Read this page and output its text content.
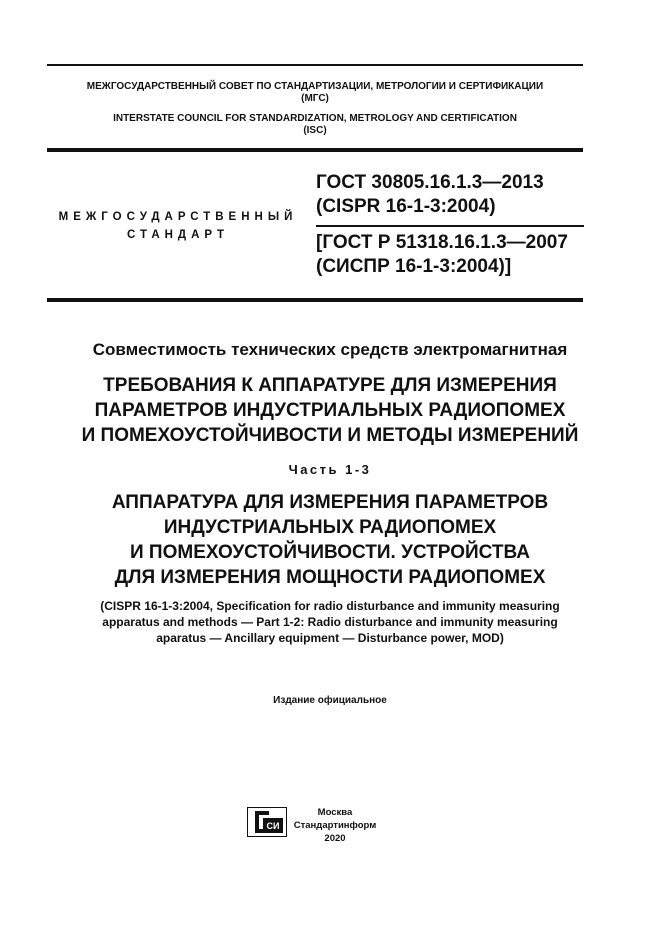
МЕЖГОСУДАРСТВЕННЫЙ СОВЕТ ПО СТАНДАРТИЗАЦИИ, МЕТРОЛОГИИ И СЕРТИФИКАЦИИ
(МГС)
INTERSTATE COUNCIL FOR STANDARDIZATION, METROLOGY AND CERTIFICATION
(ISC)
МЕЖГОСУДАРСТВЕННЫЙ
СТАНДАРТ
ГОСТ 30805.16.1.3—2013
(CISPR 16-1-3:2004)
[ГОСТ Р 51318.16.1.3—2007
(СИСПР 16-1-3:2004)]
Совместимость технических средств электромагнитная
ТРЕБОВАНИЯ К АППАРАТУРЕ ДЛЯ ИЗМЕРЕНИЯ
ПАРАМЕТРОВ ИНДУСТРИАЛЬНЫХ РАДИОПОМЕХ
И ПОМЕХОУСТОЙЧИВОСТИ И МЕТОДЫ ИЗМЕРЕНИЙ
Часть 1-3
АППАРАТУРА ДЛЯ ИЗМЕРЕНИЯ ПАРАМЕТРОВ
ИНДУСТРИАЛЬНЫХ РАДИОПОМЕХ
И ПОМЕХОУСТОЙЧИВОСТИ. УСТРОЙСТВА
ДЛЯ ИЗМЕРЕНИЯ МОЩНОСТИ РАДИОПОМЕХ
(CISPR 16-1-3:2004, Specification for radio disturbance and immunity measuring
apparatus and methods — Part 1-2: Radio disturbance and immunity measuring
aparatus — Ancillary equipment — Disturbance power, MOD)
Издание официальное
СИ
Москва
Стандартинформ
2020
